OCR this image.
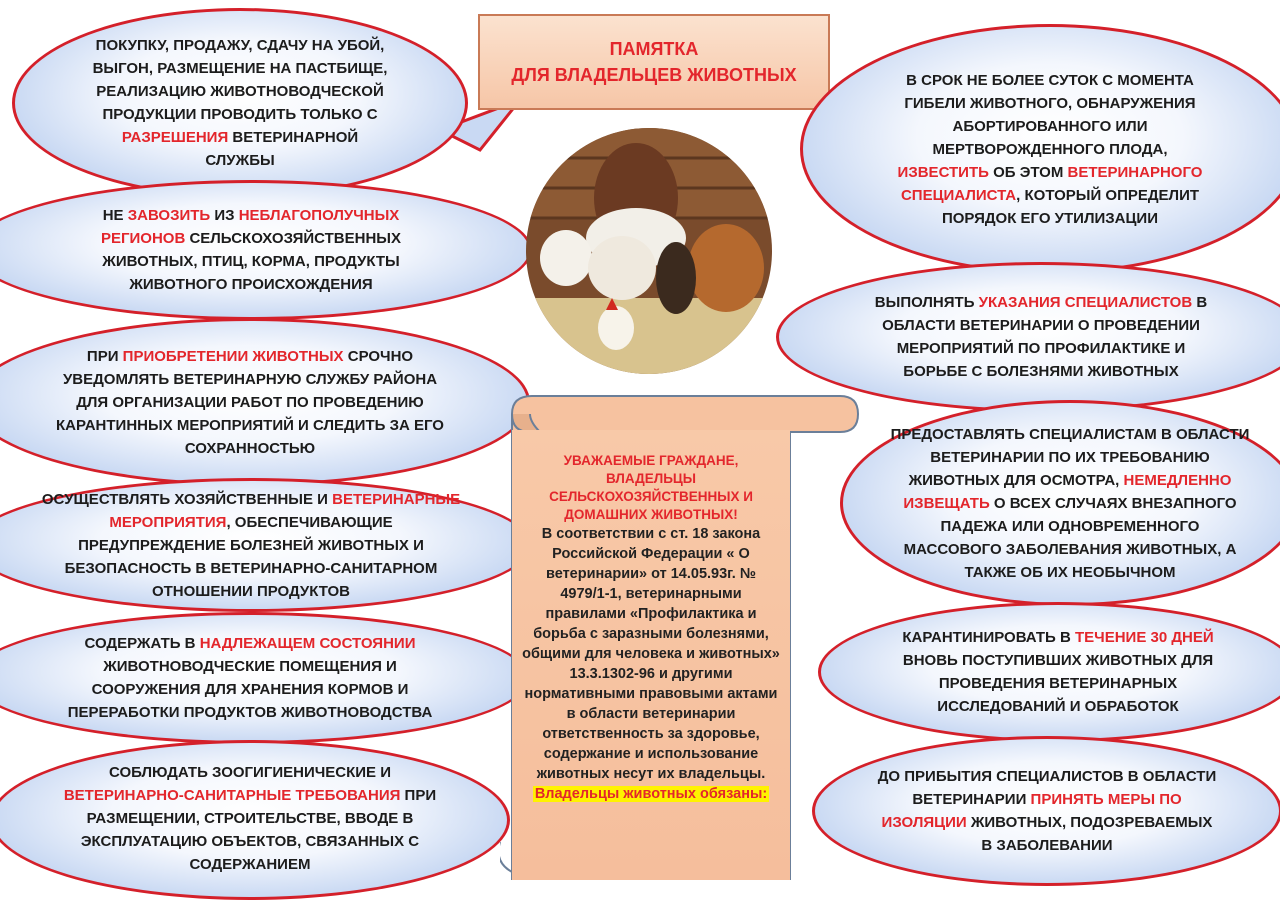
ПАМЯТКА
ДЛЯ ВЛАДЕЛЬЦЕВ ЖИВОТНЫХ
ПОКУПКУ, ПРОДАЖУ, СДАЧУ НА УБОЙ, ВЫГОН, РАЗМЕЩЕНИЕ НА ПАСТБИЩЕ, РЕАЛИЗАЦИЮ ЖИВОТНОВОДЧЕСКОЙ ПРОДУКЦИИ ПРОВОДИТЬ ТОЛЬКО С РАЗРЕШЕНИЯ ВЕТЕРИНАРНОЙ СЛУЖБЫ
НЕ ЗАВОЗИТЬ ИЗ НЕБЛАГОПОЛУЧНЫХ РЕГИОНОВ СЕЛЬСКОХОЗЯЙСТВЕННЫХ ЖИВОТНЫХ, ПТИЦ, КОРМА, ПРОДУКТЫ ЖИВОТНОГО ПРОИСХОЖДЕНИЯ
ПРИ ПРИОБРЕТЕНИИ ЖИВОТНЫХ СРОЧНО УВЕДОМЛЯТЬ ВЕТЕРИНАРНУЮ СЛУЖБУ РАЙОНА ДЛЯ ОРГАНИЗАЦИИ РАБОТ ПО ПРОВЕДЕНИЮ КАРАНТИННЫХ МЕРОПРИЯТИЙ И СЛЕДИТЬ ЗА ЕГО СОХРАННОСТЬЮ
ОСУЩЕСТВЛЯТЬ ХОЗЯЙСТВЕННЫЕ И ВЕТЕРИНАРНЫЕ МЕРОПРИЯТИЯ, ОБЕСПЕЧИВАЮЩИЕ ПРЕДУПРЕЖДЕНИЕ БОЛЕЗНЕЙ ЖИВОТНЫХ И БЕЗОПАСНОСТЬ В ВЕТЕРИНАРНО-САНИТАРНОМ ОТНОШЕНИИ ПРОДУКТОВ
СОДЕРЖАТЬ В НАДЛЕЖАЩЕМ СОСТОЯНИИ ЖИВОТНОВОДЧЕСКИЕ ПОМЕЩЕНИЯ И СООРУЖЕНИЯ ДЛЯ ХРАНЕНИЯ КОРМОВ И ПЕРЕРАБОТКИ ПРОДУКТОВ ЖИВОТНОВОДСТВА
СОБЛЮДАТЬ ЗООГИГИЕНИЧЕСКИЕ И ВЕТЕРИНАРНО-САНИТАРНЫЕ ТРЕБОВАНИЯ ПРИ РАЗМЕЩЕНИИ, СТРОИТЕЛЬСТВЕ, ВВОДЕ В ЭКСПЛУАТАЦИЮ ОБЪЕКТОВ, СВЯЗАННЫХ С СОДЕРЖАНИЕМ
УВАЖАЕМЫЕ ГРАЖДАНЕ, ВЛАДЕЛЬЦЫ СЕЛЬСКОХОЗЯЙСТВЕННЫХ И ДОМАШНИХ ЖИВОТНЫХ!
В соответствии с ст. 18 закона Российской Федерации « О ветеринарии» от 14.05.93г. № 4979/1-1, ветеринарными правилами «Профилактика и борьба с заразными болезнями, общими для человека и животных» 13.3.1302-96 и другими нормативными правовыми актами в области ветеринарии ответственность за здоровье, содержание и использование животных несут их владельцы.
Владельцы животных обязаны:
В СРОК НЕ БОЛЕЕ СУТОК С МОМЕНТА ГИБЕЛИ ЖИВОТНОГО, ОБНАРУЖЕНИЯ АБОРТИРОВАННОГО ИЛИ МЕРТВОРОЖДЕННОГО ПЛОДА, ИЗВЕСТИТЬ ОБ ЭТОМ ВЕТЕРИНАРНОГО СПЕЦИАЛИСТА, КОТОРЫЙ ОПРЕДЕЛИТ ПОРЯДОК ЕГО УТИЛИЗАЦИИ
ВЫПОЛНЯТЬ УКАЗАНИЯ СПЕЦИАЛИСТОВ В ОБЛАСТИ ВЕТЕРИНАРИИ О ПРОВЕДЕНИИ МЕРОПРИЯТИЙ ПО ПРОФИЛАКТИКЕ И БОРЬБЕ С БОЛЕЗНЯМИ ЖИВОТНЫХ
ПРЕДОСТАВЛЯТЬ СПЕЦИАЛИСТАМ В ОБЛАСТИ ВЕТЕРИНАРИИ ПО ИХ ТРЕБОВАНИЮ ЖИВОТНЫХ ДЛЯ ОСМОТРА, НЕМЕДЛЕННО ИЗВЕЩАТЬ О ВСЕХ СЛУЧАЯХ ВНЕЗАПНОГО ПАДЕЖА ИЛИ ОДНОВРЕМЕННОГО МАССОВОГО ЗАБОЛЕВАНИЯ ЖИВОТНЫХ, А ТАКЖЕ ОБ ИХ НЕОБЫЧНОМ
КАРАНТИНИРОВАТЬ В ТЕЧЕНИЕ 30 ДНЕЙ ВНОВЬ ПОСТУПИВШИХ ЖИВОТНЫХ ДЛЯ ПРОВЕДЕНИЯ ВЕТЕРИНАРНЫХ ИССЛЕДОВАНИЙ И ОБРАБОТОК
ДО ПРИБЫТИЯ СПЕЦИАЛИСТОВ В ОБЛАСТИ ВЕТЕРИНАРИИ ПРИНЯТЬ МЕРЫ ПО ИЗОЛЯЦИИ ЖИВОТНЫХ, ПОДОЗРЕВАЕМЫХ В ЗАБОЛЕВАНИИ
